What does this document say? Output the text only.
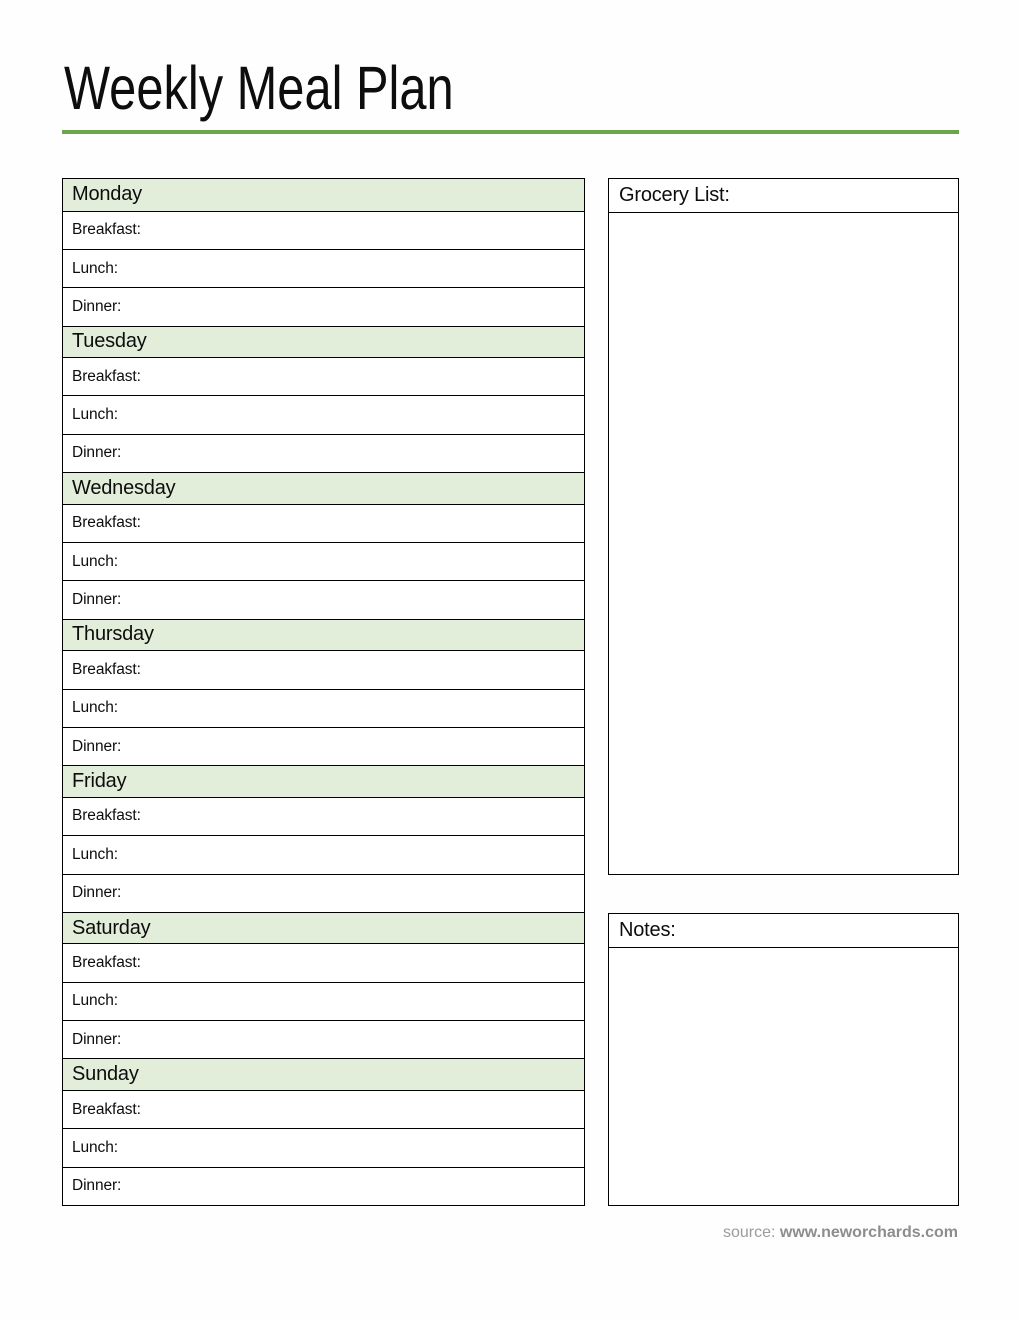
Weekly Meal Plan
Monday
Breakfast:
Lunch:
Dinner:
Tuesday
Breakfast:
Lunch:
Dinner:
Wednesday
Breakfast:
Lunch:
Dinner:
Thursday
Breakfast:
Lunch:
Dinner:
Friday
Breakfast:
Lunch:
Dinner:
Saturday
Breakfast:
Lunch:
Dinner:
Sunday
Breakfast:
Lunch:
Dinner:
Grocery List:
Notes:
source: www.neworchards.com
